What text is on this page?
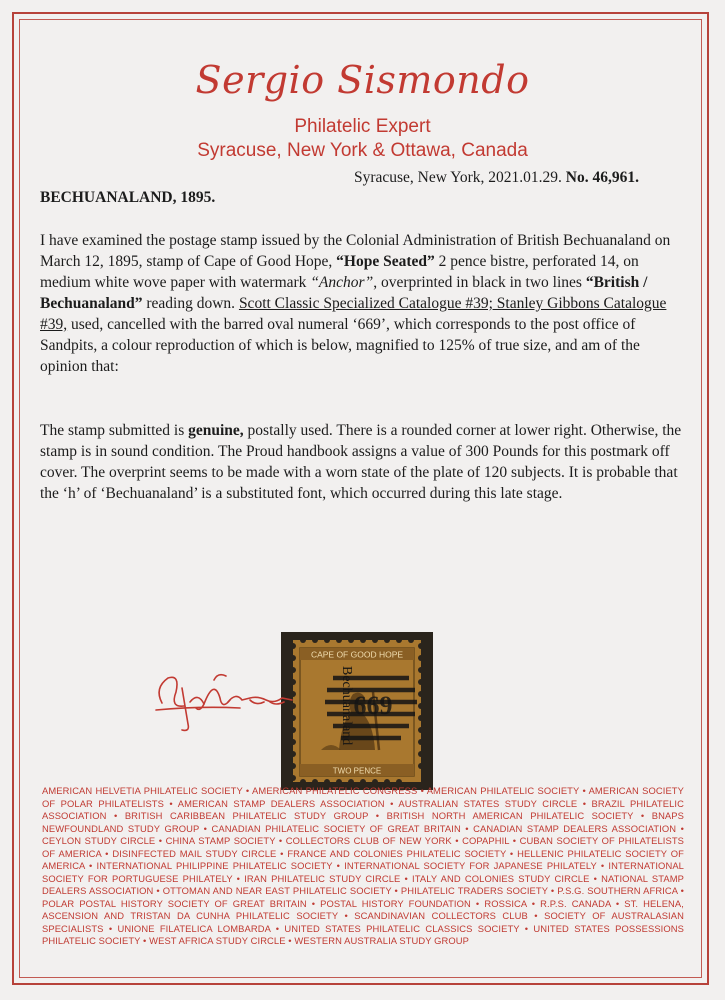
Sergio Sismondo
Philatelic Expert
Syracuse, New York & Ottawa, Canada
Syracuse, New York, 2021.01.29. No. 46,961.
BECHUANALAND, 1895.
I have examined the postage stamp issued by the Colonial Administration of British Bechuanaland on March 12, 1895, stamp of Cape of Good Hope, “Hope Seated” 2 pence bistre, perforated 14, on medium white wove paper with watermark “Anchor”, overprinted in black in two lines “British / Bechuanaland” reading down. Scott Classic Specialized Catalogue #39; Stanley Gibbons Catalogue #39, used, cancelled with the barred oval numeral ‘669’, which corresponds to the post office of Sandpits, a colour reproduction of which is below, magnified to 125% of true size, and am of the opinion that:
The stamp submitted is genuine, postally used. There is a rounded corner at lower right. Otherwise, the stamp is in sound condition. The Proud handbook assigns a value of 300 Pounds for this postmark off cover. The overprint seems to be made with a worn state of the plate of 120 subjects. It is probable that the ‘h’ of ‘Bechuanaland’ is a substituted font, which occurred during this late stage.
CAPE OF GOOD HOPE
TWO PENCE
669
Bechuanaland
AMERICAN HELVETIA PHILATELIC SOCIETY • AMERICAN PHILATELIC CONGRESS • AMERICAN PHILATELIC SOCIETY • AMERICAN SOCIETY OF POLAR PHILATELISTS • AMERICAN STAMP DEALERS ASSOCIATION • AUSTRALIAN STATES STUDY CIRCLE • BRAZIL PHILATELIC ASSOCIATION • BRITISH CARIBBEAN PHILATELIC STUDY GROUP • BRITISH NORTH AMERICAN PHILATELIC SOCIETY • BNAPS NEWFOUNDLAND STUDY GROUP • CANADIAN PHILATELIC SOCIETY OF GREAT BRITAIN • CANADIAN STAMP DEALERS ASSOCIATION • CEYLON STUDY CIRCLE • CHINA STAMP SOCIETY • COLLECTORS CLUB OF NEW YORK • COPAPHIL • CUBAN SOCIETY OF PHILATELISTS OF AMERICA • DISINFECTED MAIL STUDY CIRCLE • FRANCE AND COLONIES PHILATELIC SOCIETY • HELLENIC PHILATELIC SOCIETY OF AMERICA • INTERNATIONAL PHILIPPINE PHILATELIC SOCIETY • INTERNATIONAL SOCIETY FOR JAPANESE PHILATELY • INTERNATIONAL SOCIETY FOR PORTUGUESE PHILATELY • IRAN PHILATELIC STUDY CIRCLE • ITALY AND COLONIES STUDY CIRCLE • NATIONAL STAMP DEALERS ASSOCIATION • OTTOMAN AND NEAR EAST PHILATELIC SOCIETY • PHILATELIC TRADERS SOCIETY • P.S.G. SOUTHERN AFRICA • POLAR POSTAL HISTORY SOCIETY OF GREAT BRITAIN • POSTAL HISTORY FOUNDATION • ROSSICA • R.P.S. CANADA • ST. HELENA, ASCENSION AND TRISTAN DA CUNHA PHILATELIC SOCIETY • SCANDINAVIAN COLLECTORS CLUB • SOCIETY OF AUSTRALASIAN SPECIALISTS • UNIONE FILATELICA LOMBARDA • UNITED STATES PHILATELIC CLASSICS SOCIETY • UNITED STATES POSSESSIONS PHILATELIC SOCIETY • WEST AFRICA STUDY CIRCLE • WESTERN AUSTRALIA STUDY GROUP
